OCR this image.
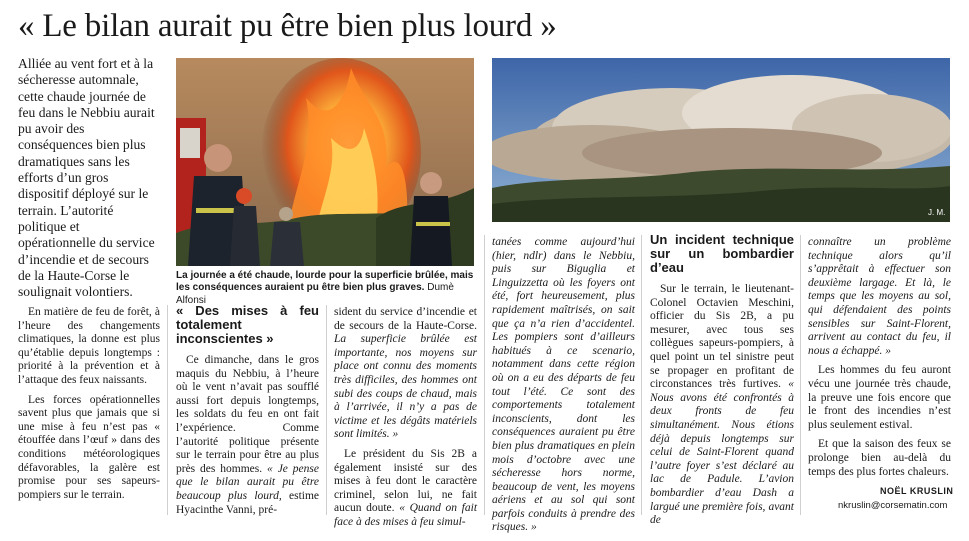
« Le bilan aurait pu être bien plus lourd »
Alliée au vent fort et à la sécheresse automnale, cette chaude journée de feu dans le Nebbiu aurait pu avoir des conséquences bien plus dramatiques sans les efforts d’un gros dispositif déployé sur le terrain. L’autorité politique et opérationnelle du service d’incendie et de secours de la Haute-Corse le soulignait volontiers.
La journée a été chaude, lourde pour la superficie brûlée, mais les conséquences auraient pu être bien plus graves. Dumè Alfonsi
J. M.

En matière de feu de forêt, à l’heure des changements climatiques, la donne est plus qu’établie depuis longtemps : priorité à la prévention et à l’attaque des feux naissants.

Les forces opérationnelles savent plus que jamais que si une mise à feu n’est pas « étouffée dans l’œuf » dans des conditions météorologiques défavorables, la galère est promise pour ses sapeurs-pompiers sur le terrain.

« Des mises à feu totalement inconscientes »

Ce dimanche, dans le gros maquis du Nebbiu, à l’heure où le vent n’avait pas soufflé aussi fort depuis longtemps, les soldats du feu en ont fait l’expérience. Comme l’autorité politique présente sur le terrain pour être au plus près des hommes. « Je pense que le bilan aurait pu être beaucoup plus lourd, estime Hyacinthe Vanni, pré-

sident du service d’incendie et de secours de la Haute-Corse. La superficie brûlée est importante, nos moyens sur place ont connu des moments très difficiles, des hommes ont subi des coups de chaud, mais à l’arrivée, il n’y a pas de victime et les dégâts matériels sont limités. »

Le président du Sis 2B a également insisté sur des mises à feu dont le caractère criminel, selon lui, ne fait aucun doute. « Quand on fait face à des mises à feu simul-

tanées comme aujourd’hui (hier, ndlr) dans le Nebbiu, puis sur Biguglia et Linguizzetta où les foyers ont été, fort heureusement, plus rapidement maîtrisés, on sait que ça n’a rien d’accidentel. Les pompiers sont d’ailleurs habitués à ce scenario, notamment dans cette région où on a eu des départs de feu tout l’été. Ce sont des comportements totalement inconscients, dont les conséquences auraient pu être bien plus dramatiques en plein mois d’octobre avec une sécheresse hors norme, beaucoup de vent, les moyens aériens et au sol qui sont parfois conduits à prendre des risques. »

Un incident technique sur un bombardier d’eau

Sur le terrain, le lieutenant-Colonel Octavien Meschini, officier du Sis 2B, a pu mesurer, avec tous ses collègues sapeurs-pompiers, à quel point un tel sinistre peut se propager en profitant de circonstances très furtives. « Nous avons été confrontés à deux fronts de feu simultanément. Nous étions déjà depuis longtemps sur celui de Saint-Florent quand l’autre foyer s’est déclaré au lac de Padule. L’avion bombardier d’eau Dash a largué une première fois, avant de

connaître un problème technique alors qu’il s’apprêtait à effectuer son deuxième largage. Et là, le temps que les moyens au sol, qui défendaient des points sensibles sur Saint-Florent, arrivent au contact du feu, il nous a échappé. »

Les hommes du feu auront vécu une journée très chaude, la preuve une fois encore que le front des incendies n’est plus seulement estival.

Et que la saison des feux se prolonge bien au-delà du temps des plus fortes chaleurs.

NOËL KRUSLIN
nkruslin@corsematin.com
